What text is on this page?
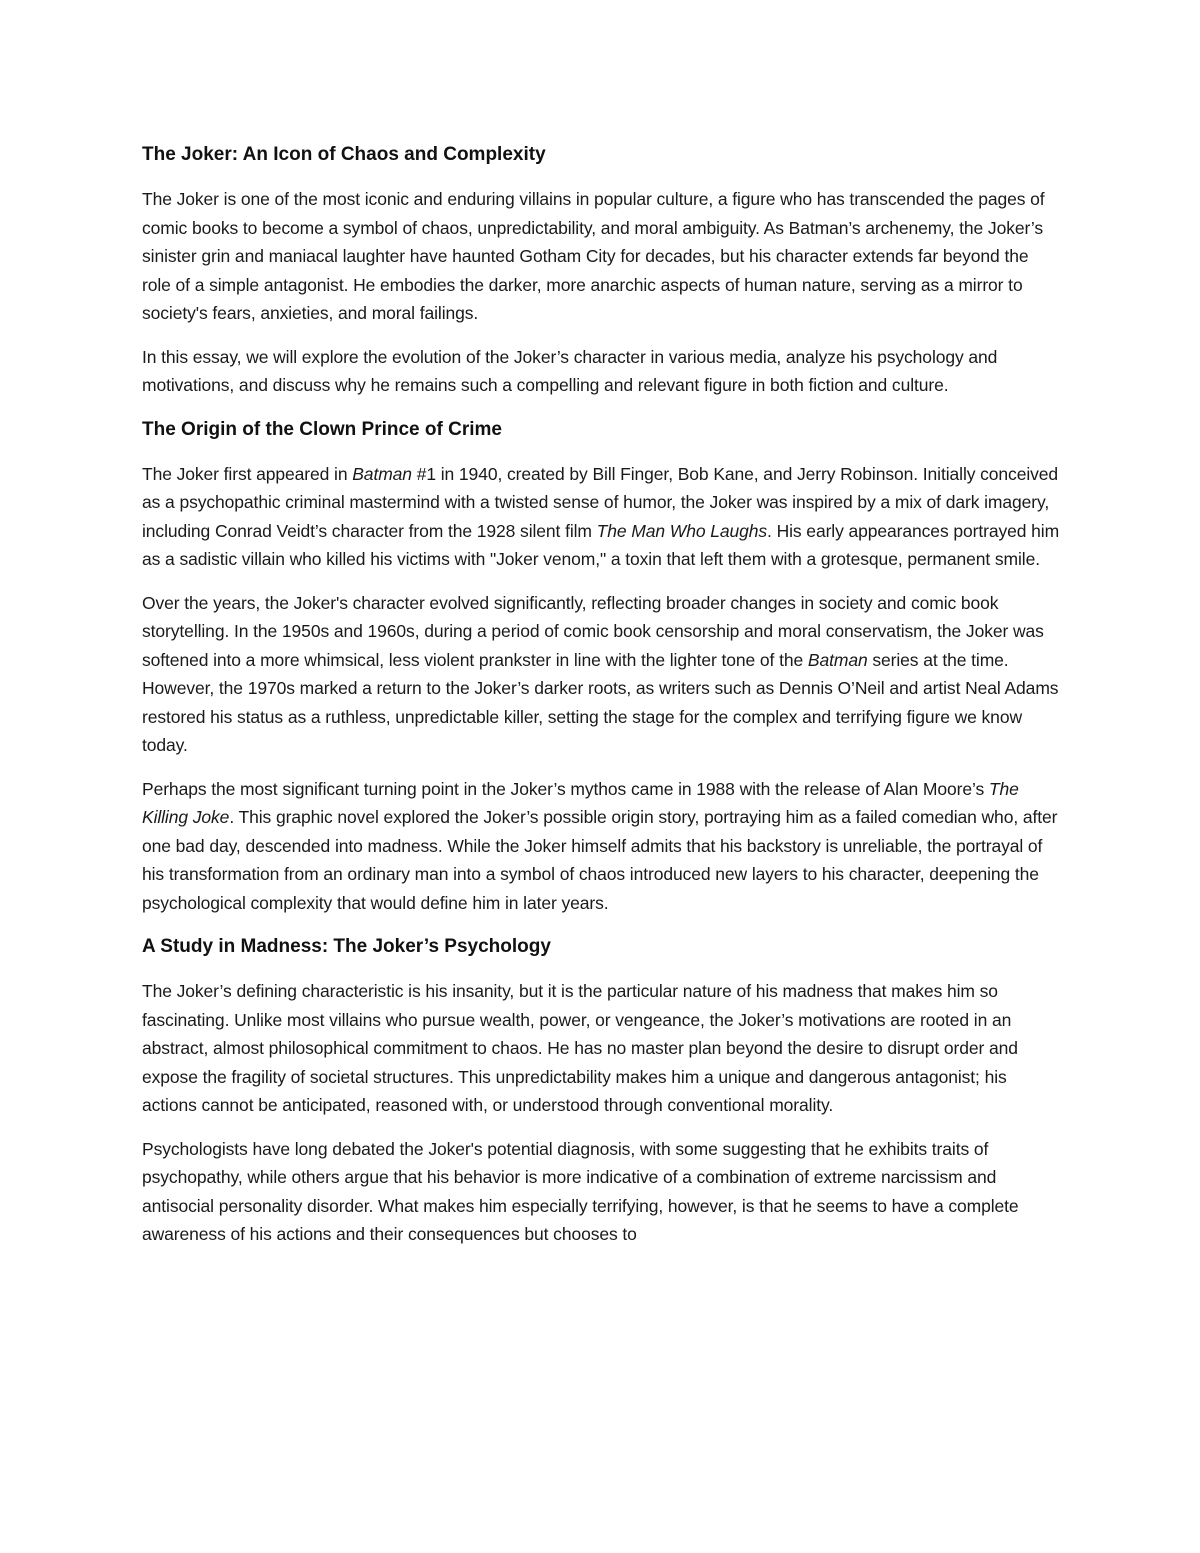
The Joker: An Icon of Chaos and Complexity

The Joker is one of the most iconic and enduring villains in popular culture, a figure who has transcended the pages of comic books to become a symbol of chaos, unpredictability, and moral ambiguity. As Batman’s archenemy, the Joker’s sinister grin and maniacal laughter have haunted Gotham City for decades, but his character extends far beyond the role of a simple antagonist. He embodies the darker, more anarchic aspects of human nature, serving as a mirror to society's fears, anxieties, and moral failings.

In this essay, we will explore the evolution of the Joker’s character in various media, analyze his psychology and motivations, and discuss why he remains such a compelling and relevant figure in both fiction and culture.

The Origin of the Clown Prince of Crime

The Joker first appeared in Batman #1 in 1940, created by Bill Finger, Bob Kane, and Jerry Robinson. Initially conceived as a psychopathic criminal mastermind with a twisted sense of humor, the Joker was inspired by a mix of dark imagery, including Conrad Veidt’s character from the 1928 silent film The Man Who Laughs. His early appearances portrayed him as a sadistic villain who killed his victims with "Joker venom," a toxin that left them with a grotesque, permanent smile.

Over the years, the Joker's character evolved significantly, reflecting broader changes in society and comic book storytelling. In the 1950s and 1960s, during a period of comic book censorship and moral conservatism, the Joker was softened into a more whimsical, less violent prankster in line with the lighter tone of the Batman series at the time. However, the 1970s marked a return to the Joker’s darker roots, as writers such as Dennis O’Neil and artist Neal Adams restored his status as a ruthless, unpredictable killer, setting the stage for the complex and terrifying figure we know today.

Perhaps the most significant turning point in the Joker’s mythos came in 1988 with the release of Alan Moore’s The Killing Joke. This graphic novel explored the Joker’s possible origin story, portraying him as a failed comedian who, after one bad day, descended into madness. While the Joker himself admits that his backstory is unreliable, the portrayal of his transformation from an ordinary man into a symbol of chaos introduced new layers to his character, deepening the psychological complexity that would define him in later years.

A Study in Madness: The Joker’s Psychology

The Joker’s defining characteristic is his insanity, but it is the particular nature of his madness that makes him so fascinating. Unlike most villains who pursue wealth, power, or vengeance, the Joker’s motivations are rooted in an abstract, almost philosophical commitment to chaos. He has no master plan beyond the desire to disrupt order and expose the fragility of societal structures. This unpredictability makes him a unique and dangerous antagonist; his actions cannot be anticipated, reasoned with, or understood through conventional morality.

Psychologists have long debated the Joker's potential diagnosis, with some suggesting that he exhibits traits of psychopathy, while others argue that his behavior is more indicative of a combination of extreme narcissism and antisocial personality disorder. What makes him especially terrifying, however, is that he seems to have a complete awareness of his actions and their consequences but chooses to
